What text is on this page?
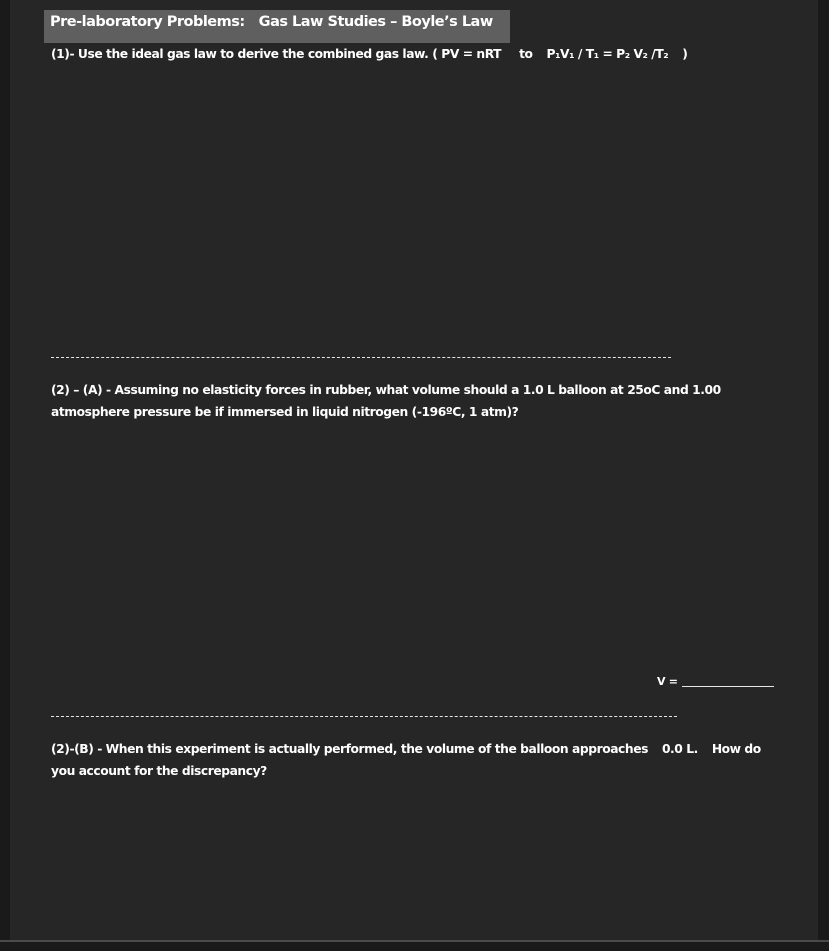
Pre-laboratory Problems: Gas Law Studies – Boyle’s Law
(1)- Use the ideal gas law to derive the combined gas law. ( PV = nRT to P₁V₁ / T₁ = P₂ V₂ /T₂ )
(2) – (A) - Assuming no elasticity forces in rubber, what volume should a 1.0 L balloon at 25oC and 1.00 atmosphere pressure be if immersed in liquid nitrogen (-196ºC, 1 atm)?
V =
(2)-(B) - When this experiment is actually performed, the volume of the balloon approaches 0.0 L. How do you account for the discrepancy?
